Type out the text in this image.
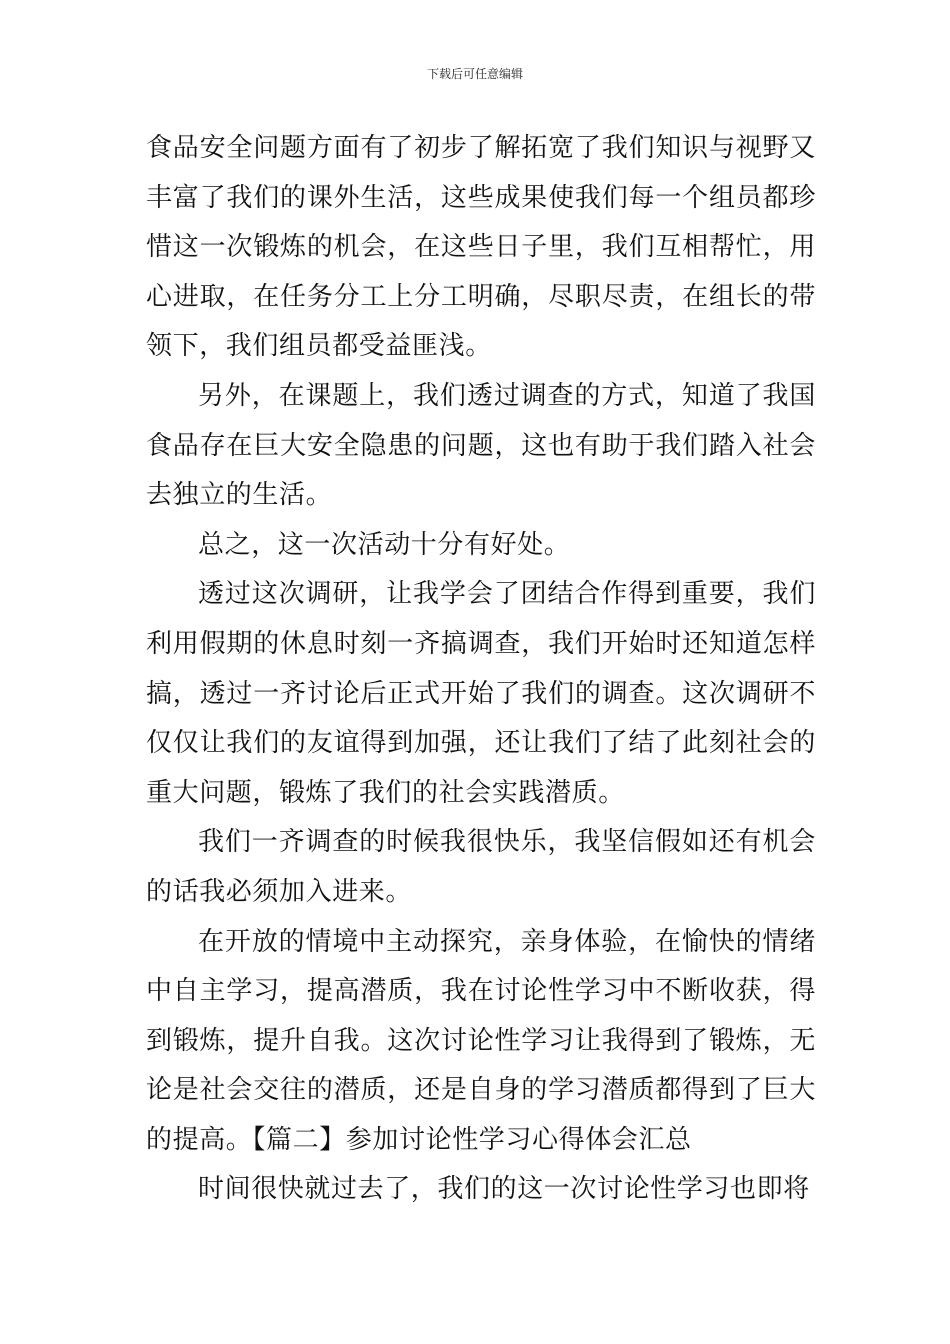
下载后可任意编辑

食品安全问题方面有了初步了解拓宽了我们知识与视野又丰富了我们的课外生活，这些成果使我们每一个组员都珍惜这一次锻炼的机会，在这些日子里，我们互相帮忙，用心进取，在任务分工上分工明确，尽职尽责，在组长的带领下，我们组员都受益匪浅。

另外，在课题上，我们透过调查的方式，知道了我国食品存在巨大安全隐患的问题，这也有助于我们踏入社会去独立的生活。

总之，这一次活动十分有好处。

透过这次调研，让我学会了团结合作得到重要，我们利用假期的休息时刻一齐搞调查，我们开始时还知道怎样搞，透过一齐讨论后正式开始了我们的调查。这次调研不仅仅让我们的友谊得到加强，还让我们了结了此刻社会的重大问题，锻炼了我们的社会实践潜质。

我们一齐调查的时候我很快乐，我坚信假如还有机会的话我必须加入进来。

在开放的情境中主动探究，亲身体验，在愉快的情绪中自主学习，提高潜质，我在讨论性学习中不断收获，得到锻炼，提升自我。这次讨论性学习让我得到了锻炼，无论是社会交往的潜质，还是自身的学习潜质都得到了巨大的提高。【篇二】参加讨论性学习心得体会汇总

时间很快就过去了，我们的这一次讨论性学习也即将
